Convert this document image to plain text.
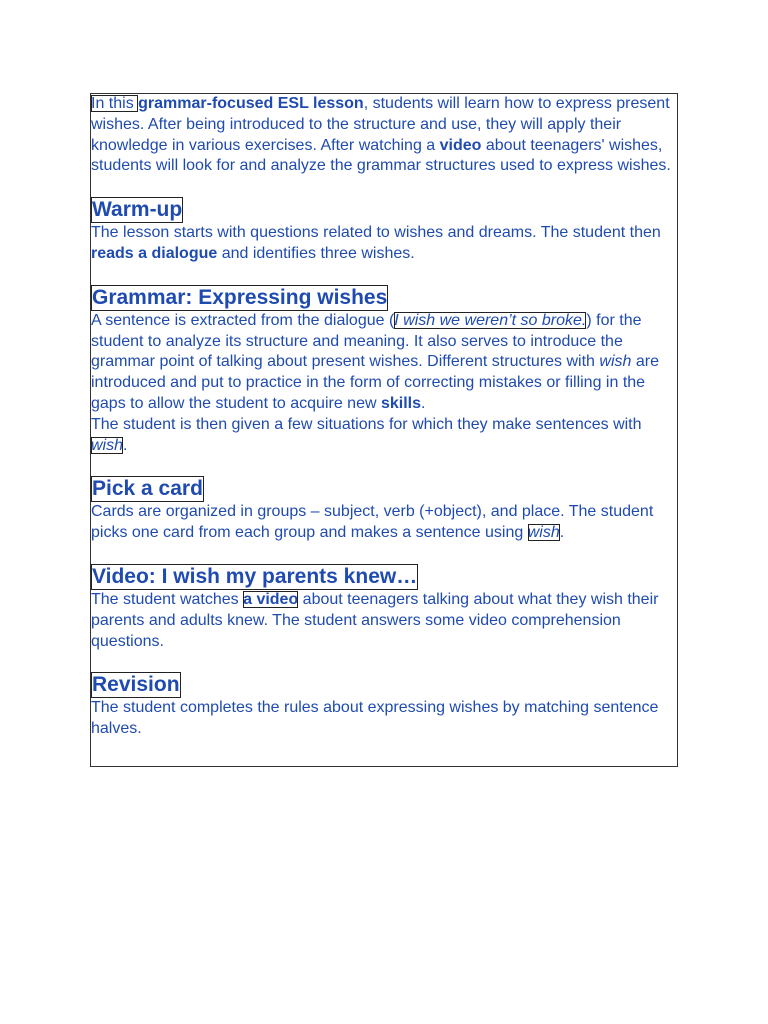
In this grammar-focused ESL lesson, students will learn how to express present wishes. After being introduced to the structure and use, they will apply their knowledge in various exercises. After watching a video about teenagers' wishes, students will look for and analyze the grammar structures used to express wishes.

Warm-up

The lesson starts with questions related to wishes and dreams. The student then reads a dialogue and identifies three wishes.

Grammar: Expressing wishes

A sentence is extracted from the dialogue (I wish we weren’t so broke.) for the student to analyze its structure and meaning. It also serves to introduce the grammar point of talking about present wishes. Different structures with wish are introduced and put to practice in the form of correcting mistakes or filling in the gaps to allow the student to acquire new skills.
The student is then given a few situations for which they make sentences with wish.

Pick a card

Cards are organized in groups – subject, verb (+object), and place. The student picks one card from each group and makes a sentence using wish.

Video: I wish my parents knew…

The student watches a video about teenagers talking about what they wish their parents and adults knew. The student answers some video comprehension questions.

Revision

The student completes the rules about expressing wishes by matching sentence halves.
